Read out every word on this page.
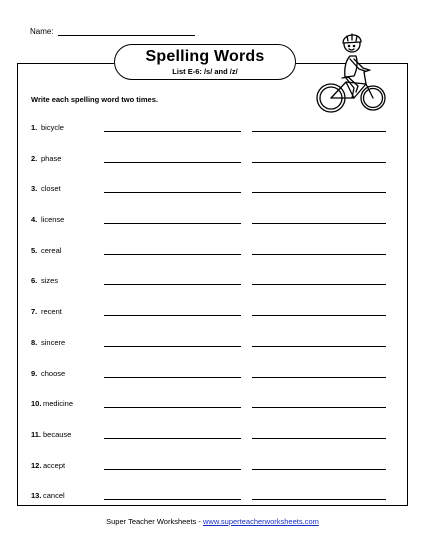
Name:
Spelling Words
List E-6: /s/ and /z/
Write each spelling word two times.
1. bicycle
2. phase
3. closet
4. license
5. cereal
6. sizes
7. recent
8. sincere
9. choose
10. medicine
11. because
12. accept
13. cancel
Super Teacher Worksheets - www.superteacherworksheets.com
